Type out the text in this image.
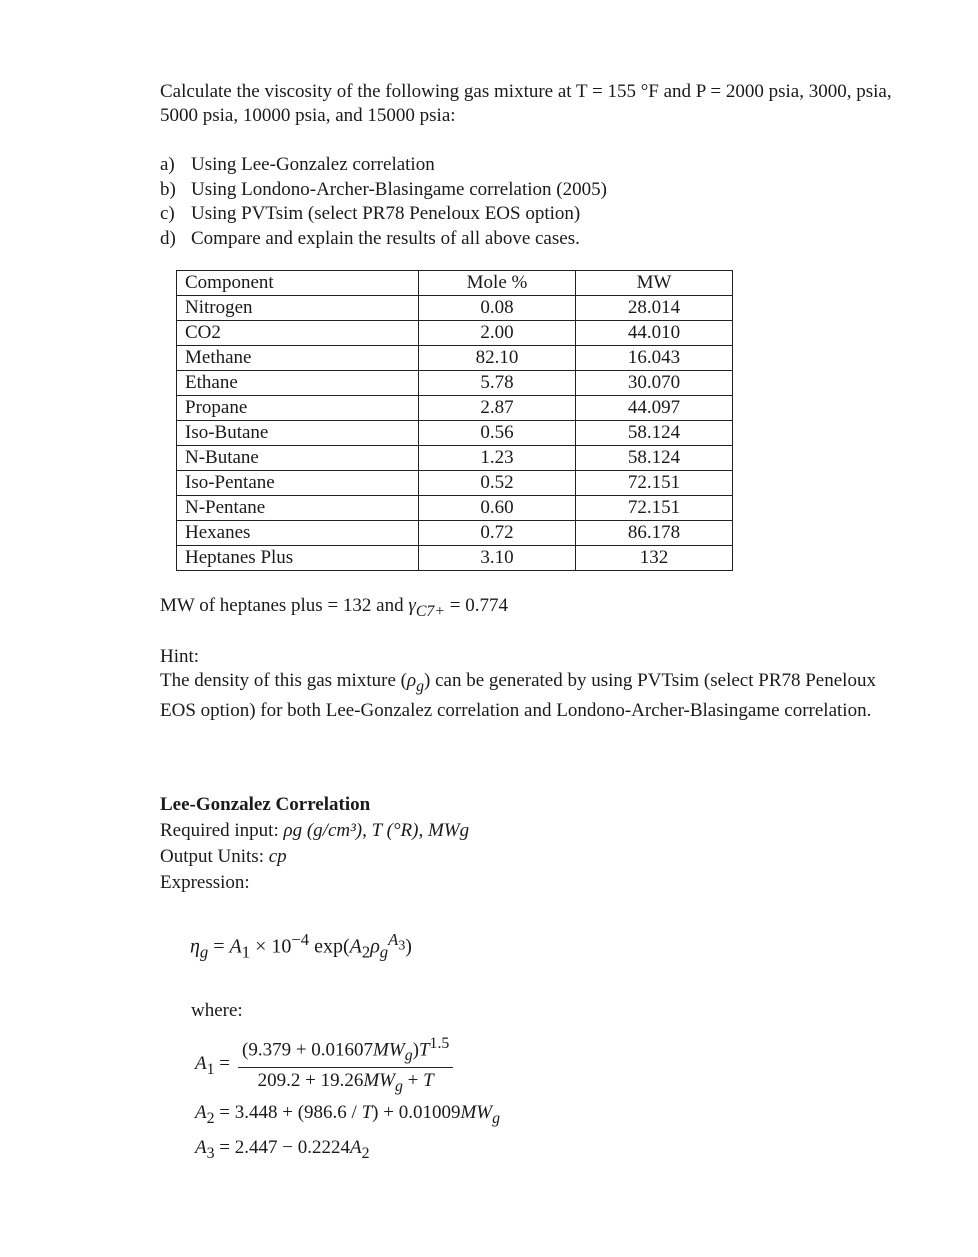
Calculate the viscosity of the following gas mixture at T = 155 °F and P = 2000 psia, 3000, psia, 5000 psia, 10000 psia, and 15000 psia:
a) Using Lee-Gonzalez correlation
b) Using Londono-Archer-Blasingame correlation (2005)
c) Using PVTsim (select PR78 Peneloux EOS option)
d) Compare and explain the results of all above cases.
Component	Mole %	MW
Nitrogen	0.08	28.014
CO2	2.00	44.010
Methane	82.10	16.043
Ethane	5.78	30.070
Propane	2.87	44.097
Iso-Butane	0.56	58.124
N-Butane	1.23	58.124
Iso-Pentane	0.52	72.151
N-Pentane	0.60	72.151
Hexanes	0.72	86.178
Heptanes Plus	3.10	132
MW of heptanes plus = 132 and $\gamma_{C7+} = 0.774$

Hint:

The density of this gas mixture $(\rho_g)$ can be generated by using PVTsim (select PR78 Peneloux EOS option) for both Lee-Gonzalez correlation and Londono-Archer-Blasingame correlation.

Lee-Gonzalez Correlation
Required input: ρg (g/cm³), T (°R), MWg
Output Units: cp
Expression:
$\eta_g = A_1 \times 10^{-4}$ $\exp(A_2\rho_g^{A_3})$
where:
$A_1 = \frac{(9.379 + 0.01607MW_g)T^{1.5}}{209.2 + 19.26MW_g + T}$
$A_2 = 3.448 + (986.6 / T) + 0.01009MW_g$
$A_3 = 2.447 - 0.2224A_2$
